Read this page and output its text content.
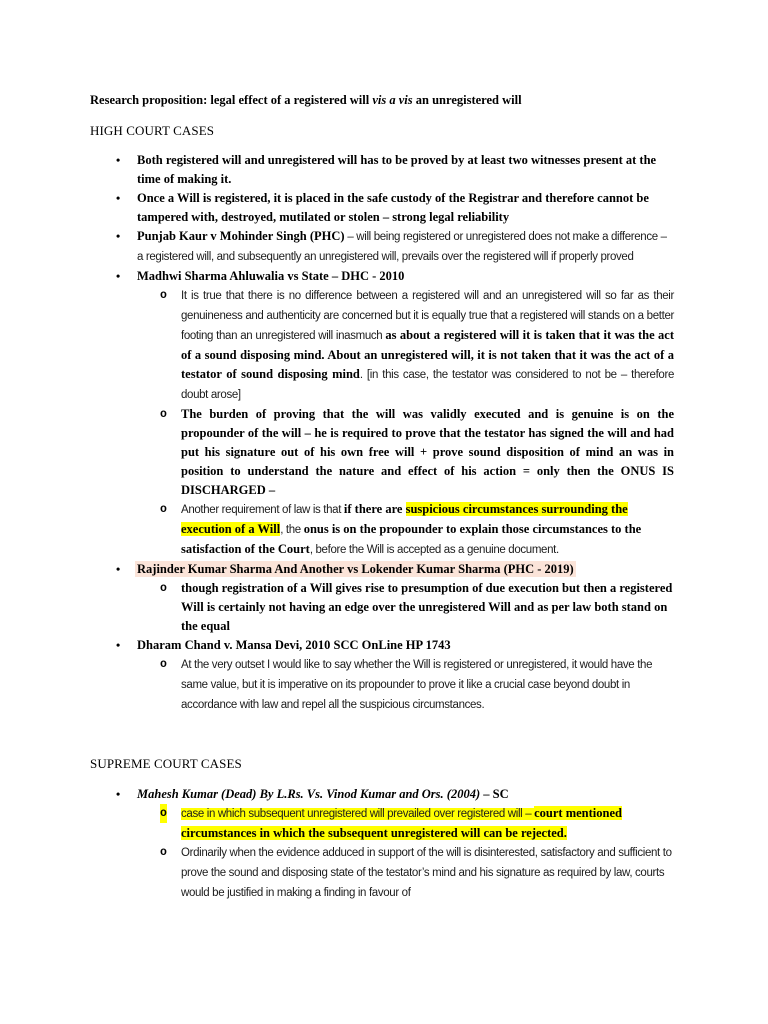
Research proposition: legal effect of a registered will vis a vis an unregistered will

HIGH COURT CASES

• Both registered will and unregistered will has to be proved by at least two witnesses present at the time of making it.
• Once a Will is registered, it is placed in the safe custody of the Registrar and therefore cannot be tampered with, destroyed, mutilated or stolen – strong legal reliability
• Punjab Kaur v Mohinder Singh (PHC) – will being registered or unregistered does not make a difference – a registered will, and subsequently an unregistered will, prevails over the registered will if properly proved
• Madhwi Sharma Ahluwalia vs State – DHC - 2010
o It is true that there is no difference between a registered will and an unregistered will so far as their genuineness and authenticity are concerned but it is equally true that a registered will stands on a better footing than an unregistered will inasmuch as about a registered will it is taken that it was the act of a sound disposing mind. About an unregistered will, it is not taken that it was the act of a testator of sound disposing mind. [in this case, the testator was considered to not be – therefore doubt arose]
o The burden of proving that the will was validly executed and is genuine is on the propounder of the will – he is required to prove that the testator has signed the will and had put his signature out of his own free will + prove sound disposition of mind an was in position to understand the nature and effect of his action = only then the ONUS IS DISCHARGED –
o Another requirement of law is that if there are suspicious circumstances surrounding the execution of a Will, the onus is on the propounder to explain those circumstances to the satisfaction of the Court, before the Will is accepted as a genuine document.
• Rajinder Kumar Sharma And Another vs Lokender Kumar Sharma (PHC - 2019)
o though registration of a Will gives rise to presumption of due execution but then a registered Will is certainly not having an edge over the unregistered Will and as per law both stand on the equal
• Dharam Chand v. Mansa Devi, 2010 SCC OnLine HP 1743
o At the very outset I would like to say whether the Will is registered or unregistered, it would have the same value, but it is imperative on its propounder to prove it like a crucial case beyond doubt in accordance with law and repel all the suspicious circumstances.

SUPREME COURT CASES

• Mahesh Kumar (Dead) By L.Rs. Vs. Vinod Kumar and Ors. (2004) – SC
o case in which subsequent unregistered will prevailed over registered will – court mentioned circumstances in which the subsequent unregistered will can be rejected.
o Ordinarily when the evidence adduced in support of the will is disinterested, satisfactory and sufficient to prove the sound and disposing state of the testator’s mind and his signature as required by law, courts would be justified in making a finding in favour of
